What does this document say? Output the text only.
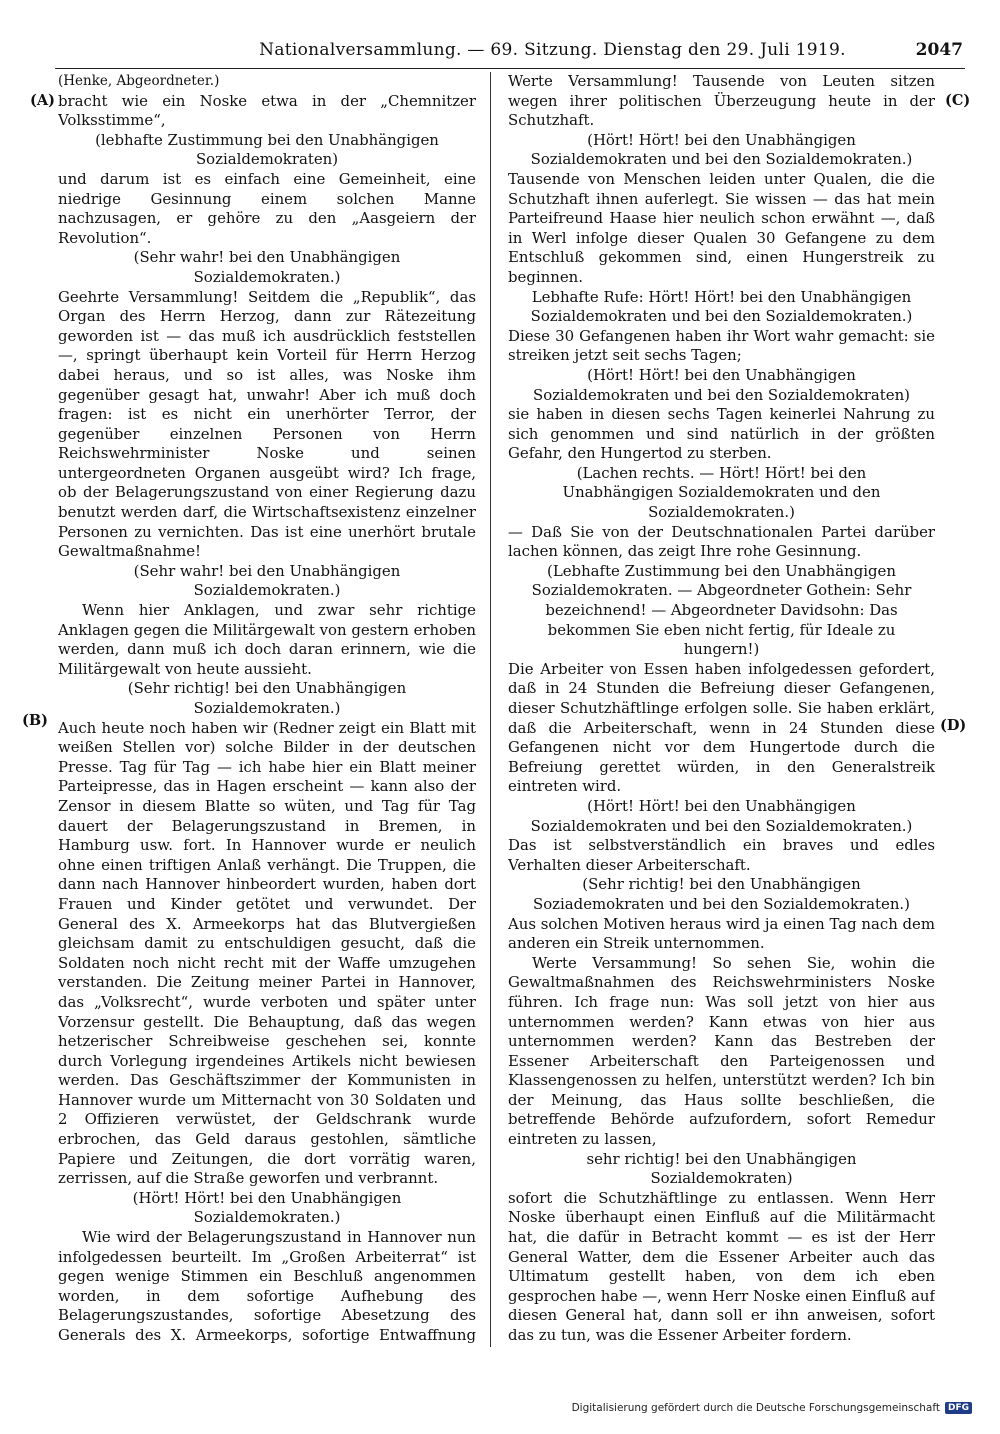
Nationalversammlung. — 69. Sitzung. Dienstag den 29. Juli 1919.	2047
(A)
(B)
(C)
(D)

(Henke, Abgeordneter.)

bracht wie ein Noske etwa in der „Chemnitzer Volksstimme“,

(lebhafte Zustimmung bei den Unabhängigen Sozialdemokraten)

und darum ist es einfach eine Gemeinheit, eine niedrige Gesinnung einem solchen Manne nachzusagen, er gehöre zu den „Aasgeiern der Revolution“.

(Sehr wahr! bei den Unabhängigen Sozialdemokraten.)

Geehrte Versammlung! Seitdem die „Republik“, das Organ des Herrn Herzog, dann zur Rätezeitung geworden ist — das muß ich ausdrücklich feststellen —, springt überhaupt kein Vorteil für Herrn Herzog dabei heraus, und so ist alles, was Noske ihm gegenüber gesagt hat, unwahr! Aber ich muß doch fragen: ist es nicht ein unerhörter Terror, der gegenüber einzelnen Personen von Herrn Reichswehrminister Noske und seinen untergeordneten Organen ausgeübt wird? Ich frage, ob der Belagerungszustand von einer Regierung dazu benutzt werden darf, die Wirtschaftsexistenz einzelner Personen zu vernichten. Das ist eine unerhört brutale Gewaltmaßnahme!

(Sehr wahr! bei den Unabhängigen Sozialdemokraten.)

Wenn hier Anklagen, und zwar sehr richtige Anklagen gegen die Militärgewalt von gestern erhoben werden, dann muß ich doch daran erinnern, wie die Militärgewalt von heute aussieht.

(Sehr richtig! bei den Unabhängigen Sozialdemokraten.)

Auch heute noch haben wir (Redner zeigt ein Blatt mit weißen Stellen vor) solche Bilder in der deutschen Presse. Tag für Tag — ich habe hier ein Blatt meiner Parteipresse, das in Hagen erscheint — kann also der Zensor in diesem Blatte so wüten, und Tag für Tag dauert der Belagerungszustand in Bremen, in Hamburg usw. fort. In Hannover wurde er neulich ohne einen triftigen Anlaß verhängt. Die Truppen, die dann nach Hannover hinbeordert wurden, haben dort Frauen und Kinder getötet und verwundet. Der General des X. Armeekorps hat das Blutvergießen gleichsam damit zu entschuldigen gesucht, daß die Soldaten noch nicht recht mit der Waffe umzugehen verstanden. Die Zeitung meiner Partei in Hannover, das „Volksrecht“, wurde verboten und später unter Vorzensur gestellt. Die Behauptung, daß das wegen hetzerischer Schreibweise geschehen sei, konnte durch Vorlegung irgendeines Artikels nicht bewiesen werden. Das Geschäftszimmer der Kommunisten in Hannover wurde um Mitternacht von 30 Soldaten und 2 Offizieren verwüstet, der Geldschrank wurde erbrochen, das Geld daraus gestohlen, sämtliche Papiere und Zeitungen, die dort vorrätig waren, zerrissen, auf die Straße geworfen und verbrannt.

(Hört! Hört! bei den Unabhängigen Sozialdemokraten.)

Wie wird der Belagerungszustand in Hannover nun infolgedessen beurteilt. Im „Großen Arbeiterrat“ ist gegen wenige Stimmen ein Beschluß angenommen worden, in dem sofortige Aufhebung des Belagerungszustandes, sofortige Abesetzung des Generals des X. Armeekorps, sofortige Entwaffnung

Werte Versammlung! Tausende von Leuten sitzen wegen ihrer politischen Überzeugung heute in der Schutzhaft.

(Hört! Hört! bei den Unabhängigen Sozialdemokraten und bei den Sozialdemokraten.)

Tausende von Menschen leiden unter Qualen, die die Schutzhaft ihnen auferlegt. Sie wissen — das hat mein Parteifreund Haase hier neulich schon erwähnt —, daß in Werl infolge dieser Qualen 30 Gefangene zu dem Entschluß gekommen sind, einen Hungerstreik zu beginnen.

Lebhafte Rufe: Hört! Hört! bei den Unabhängigen Sozialdemokraten und bei den Sozialdemokraten.)

Diese 30 Gefangenen haben ihr Wort wahr gemacht: sie streiken jetzt seit sechs Tagen;

(Hört! Hört! bei den Unabhängigen Sozialdemokraten und bei den Sozialdemokraten)

sie haben in diesen sechs Tagen keinerlei Nahrung zu sich genommen und sind natürlich in der größten Gefahr, den Hungertod zu sterben.

(Lachen rechts. — Hört! Hört! bei den Unabhängigen Sozialdemokraten und den Sozialdemokraten.)

— Daß Sie von der Deutschnationalen Partei darüber lachen können, das zeigt Ihre rohe Gesinnung.

(Lebhafte Zustimmung bei den Unabhängigen Sozialdemokraten. — Abgeordneter Gothein: Sehr bezeichnend! — Abgeordneter Davidsohn: Das bekommen Sie eben nicht fertig, für Ideale zu hungern!)

Die Arbeiter von Essen haben infolgedessen gefordert, daß in 24 Stunden die Befreiung dieser Gefangenen, dieser Schutzhäftlinge erfolgen solle. Sie haben erklärt, daß die Arbeiterschaft, wenn in 24 Stunden diese Gefangenen nicht vor dem Hungertode durch die Befreiung gerettet würden, in den Generalstreik eintreten wird.

(Hört! Hört! bei den Unabhängigen Sozialdemokraten und bei den Sozialdemokraten.)

Das ist selbstverständlich ein braves und edles Verhalten dieser Arbeiterschaft.

(Sehr richtig! bei den Unabhängigen Soziademokraten und bei den Sozialdemokraten.)

Aus solchen Motiven heraus wird ja einen Tag nach dem anderen ein Streik unternommen.

Werte Versammung! So sehen Sie, wohin die Gewaltmaßnahmen des Reichswehrministers Noske führen. Ich frage nun: Was soll jetzt von hier aus unternommen werden? Kann etwas von hier aus unternommen werden? Kann das Bestreben der Essener Arbeiterschaft den Parteigenossen und Klassengenossen zu helfen, unterstützt werden? Ich bin der Meinung, das Haus sollte beschließen, die betreffende Behörde aufzufordern, sofort Remedur eintreten zu lassen,

sehr richtig! bei den Unabhängigen Sozialdemokraten)

sofort die Schutzhäftlinge zu entlassen. Wenn Herr Noske überhaupt einen Einfluß auf die Militärmacht hat, die dafür in Betracht kommt — es ist der Herr General Watter, dem die Essener Arbeiter auch das Ultimatum gestellt haben, von dem ich eben gesprochen habe —, wenn Herr Noske einen Einfluß auf diesen General hat, dann soll er ihn anweisen, sofort das zu tun, was die Essener Arbeiter fordern.

Digitalisierung gefördert durch die Deutsche Forschungsgemeinschaft DFG
